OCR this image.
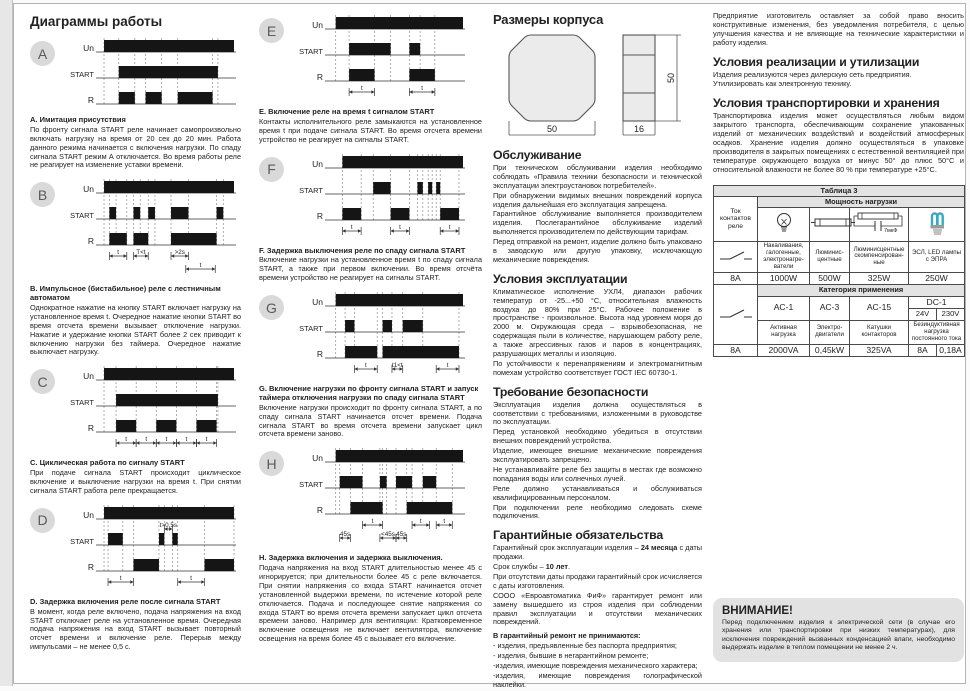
Диаграммы работы
A	Un
START
R
А. Имитация присутствия

По фронту сигнала START реле начинает самопроизвольно включать нагрузку на время от 20 сек до 20 мин. Работа данного режима начинается с включения нагрузки. По спаду сигнала START режим А отключается. Во время работы реле не реагирует на изменение уставки времени.

B	Un
START
R
t	T<t	>2s
t
В. Импульсное (бистабильное) реле с лестничным автоматом

Однократное нажатие на кнопку START включает нагрузку на установленное время t. Очередное нажатие кнопки START во время отсчета времени вызывает отключение нагрузки. Нажатие и удержание кнопки START более 2 сек приводит к включению нагрузки без таймера. Очередное нажатие выключает нагрузку.

C	Un
START
R
t	t	t	t	t
С. Циклическая работа по сигналу START

При подаче сигнала START происходит циклическое включение и выключение нагрузки на время t. При снятии сигнала START работа реле прекращается.

D	Un
START
R
t>0,5s
t	t
D. Задержка включения реле после сигнала START

В момент, когда реле включено, подача напряжения на вход START отключает реле на установленное время. Очередная подача напряжения на вход START вызывает повторный отсчет времени и включение реле. Перерыв между импульсами – не менее 0,5 с.

E	Un
START
R
t	t
Е. Включение реле на время t сигналом START

Контакты исполнительного реле замыкаются на установленное время t при подаче сигнала START. Во время отсчета времени устройство не реагирует на сигналы START.

F	Un
START
R
t	t	t
F. Задержка выключения реле по спаду сигнала START

Включение нагрузки на установленное время t по спаду сигнала START, а также при первом включении. Во время отсчёта времени устройство не реагирует на сигналы START.

G	Un
START
R
t	t1<t	t
G. Включение нагрузки по фронту сигнала START и запуск таймера отключения нагрузки по спаду сигнала START

Включение нагрузки происходит по фронту сигнала START, а по спаду сигнала START начинается отсчет времени. Подача сигнала START во время отсчета времени запускает цикл отсчета времени заново.

H	Un
START
R
t	t	t
45s	<45s 45s
Н. Задержка включения и задержка выключения.

Подача напряжения на вход START длительностью менее 45 с игнорируется; при длительности более 45 с реле включается. При снятии напряжения со входа START начинается отсчет установленной выдержки времени, по истечение которой реле отключается. Подача и последующее снятие напряжения со входа START во время отсчета времени запускает цикл отсчета времени заново. Например для вентиляции: Кратковременное включение освещения не включает вентилятора, включение освещения на время более 45 с вызывает его включение.

Размеры корпуса
50	16
50
Обслуживание

При техническом обслуживании изделия необходимо соблюдать «Правила техники безопасности и технической эксплуатации электроустановок потребителей».

При обнаружении видимых внешних повреждений корпуса изделия дальнейшая его эксплуатация запрещена.

Гарантийное обслуживание выполняется производителем изделия. Послегарантийное обслуживание изделий выполняется производителем по действующим тарифам.

Перед отправкой на ремонт, изделие должно быть упаковано в заводскую или другую упаковку, исключающую механические повреждения.

Условия эксплуатации

Климатическое исполнение УХЛ4, диапазон рабочих температур от -25...+50 °С, относительная влажность воздуха до 80% при 25°С. Рабочее положение в пространстве - произвольное. Высота над уровнем моря до 2000 м. Окружающая среда – взрывобезопасная, не содержащая пыли в количестве, нарушающем работу реле, а также агрессивных газов и паров в концентрациях, разрушающих металлы и изоляцию.

По устойчивости к перенапряжениям и электромагнитным помехам устройство соответствует ГОСТ IEC 60730-1.

Требование безопасности

Эксплуатация изделия должна осуществляться в соответствии с требованиями, изложенными в руководстве по эксплуатации.

Перед установкой необходимо убедиться в отсутствии внешних повреждений устройства.

Изделие, имеющее внешние механические повреждения эксплуатировать запрещено.

Не устанавливайте реле без защиты в местах где возможно попадания воды или солнечных лучей.

Реле должно устанавливаться и обслуживаться квалифицированным персоналом.

При подключении реле необходимо следовать схеме подключения.

Гарантийные обязательства

Гарантийный срок эксплуатации изделия – 24 месяца с даты продажи.

Срок службы – 10 лет.

При отсутствии даты продажи гарантийный срок исчисляется с даты изготовления.

СООО «Евроавтоматика ФиФ» гарантирует ремонт или замену вышедшего из строя изделия при соблюдении правил эксплуатации и отсутствии механических повреждений.

В гарантийный ремонт не принимаются:

- изделия, предъявленные без паспорта предприятия;

- изделия, бывшие в негарантийном ремонте;

-изделия, имеющие повреждения механического характера;

-изделия, имеющие повреждения голографической наклейки.

Предприятие изготовитель оставляет за собой право вносить конструктивные изменения, без уведомления потребителя, с целью улучшения качества и не влияющие на технические характеристики и работу изделия.

Условия реализации и утилизации

Изделия реализуются через дилерскую сеть предприятия.

Утилизировать как электронную технику.

Условия транспортировки и хранения

Транспортировка изделия может осуществляться любым видом закрытого транспорта, обеспечивающим сохранение упакованных изделий от механических воздействий и воздействий атмосферных осадков. Хранение изделия должно осуществляться в упаковке производителя в закрытых помещениях с естественной вентиляцией при температуре окружающего воздуха от минус 50° до плюс 50°С и относительной влажности не более 80 % при температуре +25°С.

Таблица 3					
Ток контактов реле	Мощность нагрузки				

7мкФ

	Накаливания, галогенные, электронагре- ватели	Люминис- центные	Люминисцентные скомпенсирован- ные	ЭСЛ, LED лампы с ЭПРА	
8A	1000W	500W	325W	250W	
	Категория применения				
	AC-1	AC-3	AC-15	DC-1	
				24V	230V
	Активная нагрузка	Электро- двигатели	Катушки контакторов	Безиндуктивная нагрузка постоянного тока	
8A	2000VA	0,45kW	325VA	8A	0,18A
ВНИМАНИЕ!

Перед подключением изделия к электрической сети (в случае его хранения или транспортировки при низких температурах), для исключения повреждений вызванных конденсацией влаги, необходимо выдержать изделие в теплом помещении не менее 2 ч.
